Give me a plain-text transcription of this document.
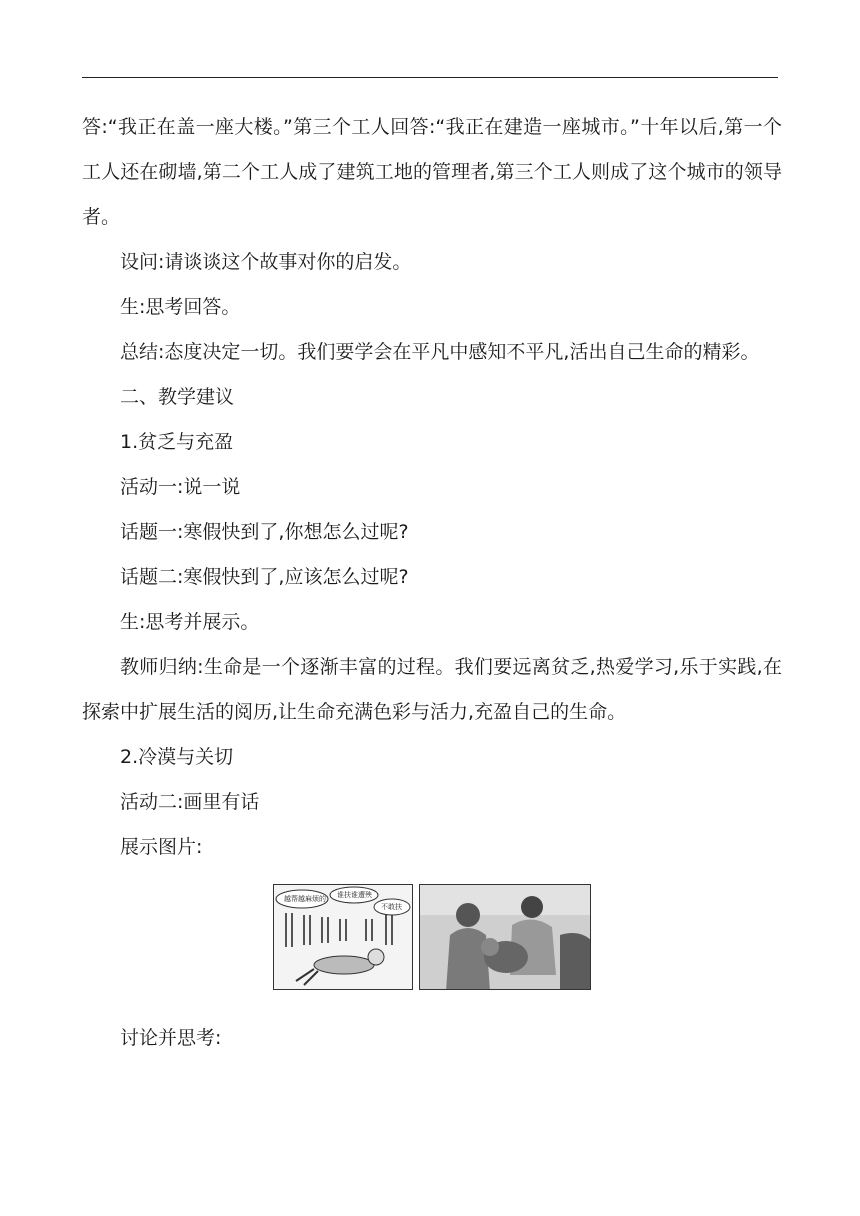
答:“我正在盖一座大楼。”第三个工人回答:“我正在建造一座城市。”十年以后,第一个工人还在砌墙,第二个工人成了建筑工地的管理者,第三个工人则成了这个城市的领导者。

设问:请谈谈这个故事对你的启发。

生:思考回答。

总结:态度决定一切。我们要学会在平凡中感知不平凡,活出自己生命的精彩。

二、教学建议

1.贫乏与充盈

活动一:说一说

话题一:寒假快到了,你想怎么过呢?

话题二:寒假快到了,应该怎么过呢?

生:思考并展示。

教师归纳:生命是一个逐渐丰富的过程。我们要远离贫乏,热爱学习,乐于实践,在探索中扩展生活的阅历,让生命充满色彩与活力,充盈自己的生命。

2.冷漠与关切

活动二:画里有话

展示图片:

越帮越麻烦的 谁扶谁遭殃
不敢扶

讨论并思考:
